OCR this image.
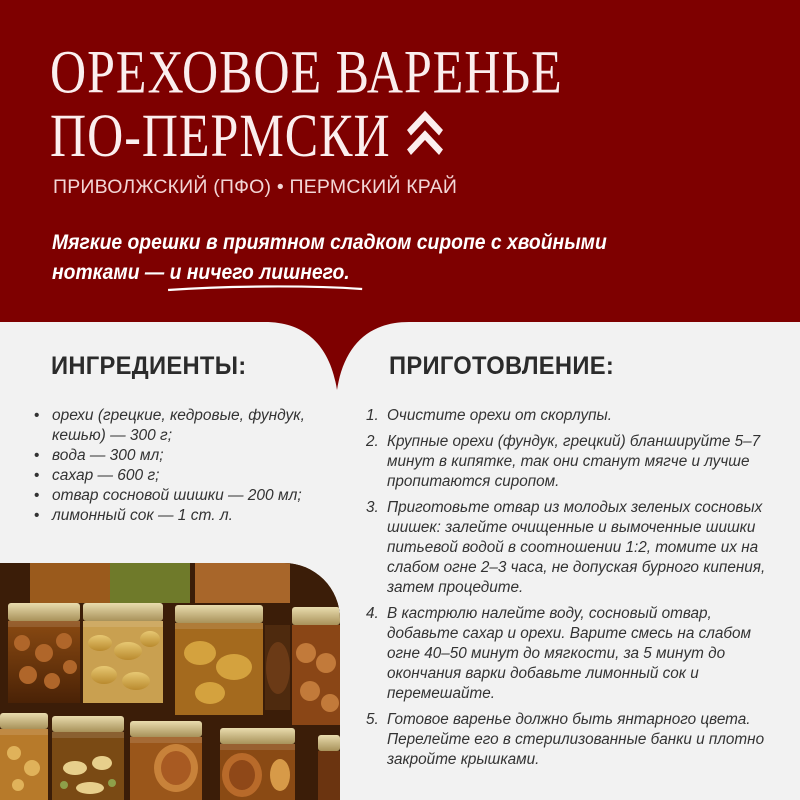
ОРЕХОВОЕ ВАРЕНЬЕ
ПО-ПЕРМСКИ
ПРИВОЛЖСКИЙ (ПФО) • ПЕРМСКИЙ КРАЙ
Мягкие орешки в приятном сладком сиропе с хвойными нотками — и ничего лишнего.
ИНГРЕДИЕНТЫ:	ПРИГОТОВЛЕНИЕ:
• орехи (грецкие, кедровые, фундук, кешью) — 300 г;
• вода — 300 мл;
• сахар — 600 г;
• отвар сосновой шишки — 200 мл;
• лимонный сок — 1 ст. л.
1. Очистите орехи от скорлупы.
2. Крупные орехи (фундук, грецкий) бланшируйте 5–7 минут в кипятке, так они станут мягче и лучше пропитаются сиропом.
3. Приготовьте отвар из молодых зеленых сосновых шишек: залейте очищенные и вымоченные шишки питьевой водой в соотношении 1:2, томите их на слабом огне 2–3 часа, не допуская бурного кипения, затем процедите.
4. В кастрюлю налейте воду, сосновый отвар, добавьте сахар и орехи. Варите смесь на слабом огне 40–50 минут до мягкости, за 5 минут до окончания варки добавьте лимонный сок и перемешайте.
5. Готовое варенье должно быть янтарного цвета. Перелейте его в стерилизованные банки и плотно закройте крышками.
